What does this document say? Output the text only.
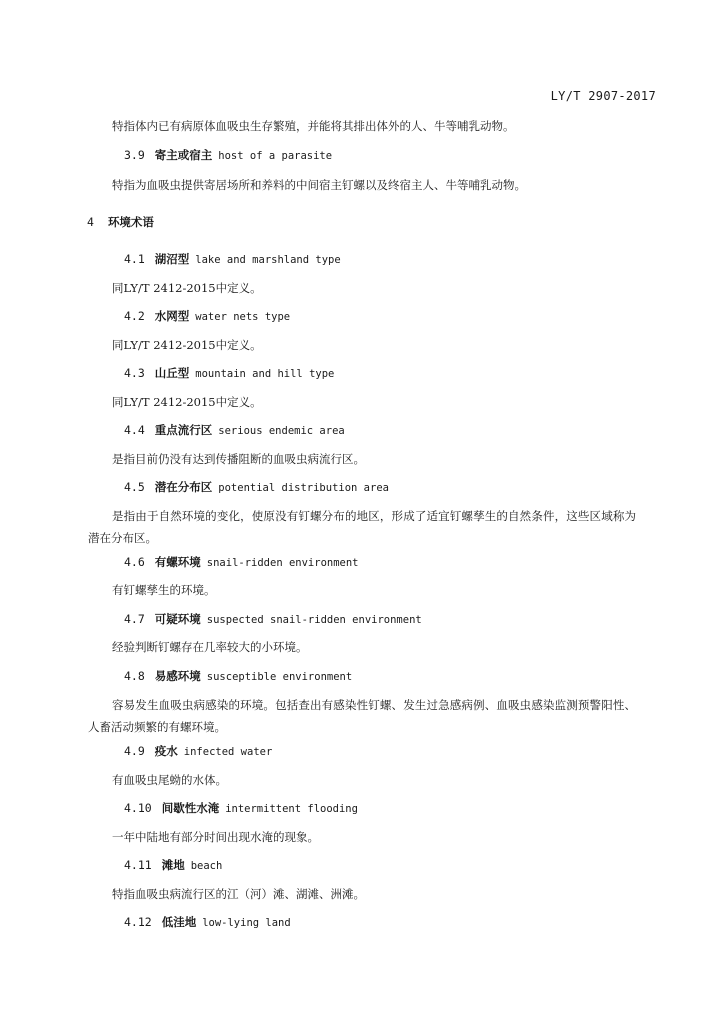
LY/T 2907-2017
特指体内已有病原体血吸虫生存繁殖，并能将其排出体外的人、牛等哺乳动物。
3.9 寄主或宿主 host of a parasite
特指为血吸虫提供寄居场所和养料的中间宿主钉螺以及终宿主人、牛等哺乳动物。
4 环境术语
4.1 湖沼型 lake and marshland type
同LY/T 2412-2015中定义。
4.2 水网型 water nets type
同LY/T 2412-2015中定义。
4.3 山丘型 mountain and hill type
同LY/T 2412-2015中定义。
4.4 重点流行区 serious endemic area
是指目前仍没有达到传播阻断的血吸虫病流行区。
4.5 潜在分布区 potential distribution area
是指由于自然环境的变化，使原没有钉螺分布的地区，形成了适宜钉螺孳生的自然条件，这些区域称为潜在分布区。
4.6 有螺环境 snail-ridden environment
有钉螺孳生的环境。
4.7 可疑环境 suspected snail-ridden environment
经验判断钉螺存在几率较大的小环境。
4.8 易感环境 susceptible environment
容易发生血吸虫病感染的环境。包括查出有感染性钉螺、发生过急感病例、血吸虫感染监测预警阳性、人畜活动频繁的有螺环境。
4.9 疫水 infected water
有血吸虫尾蚴的水体。
4.10 间歇性水淹 intermittent flooding
一年中陆地有部分时间出现水淹的现象。
4.11 滩地 beach
特指血吸虫病流行区的江（河）滩、湖滩、洲滩。
4.12 低洼地 low-lying land
